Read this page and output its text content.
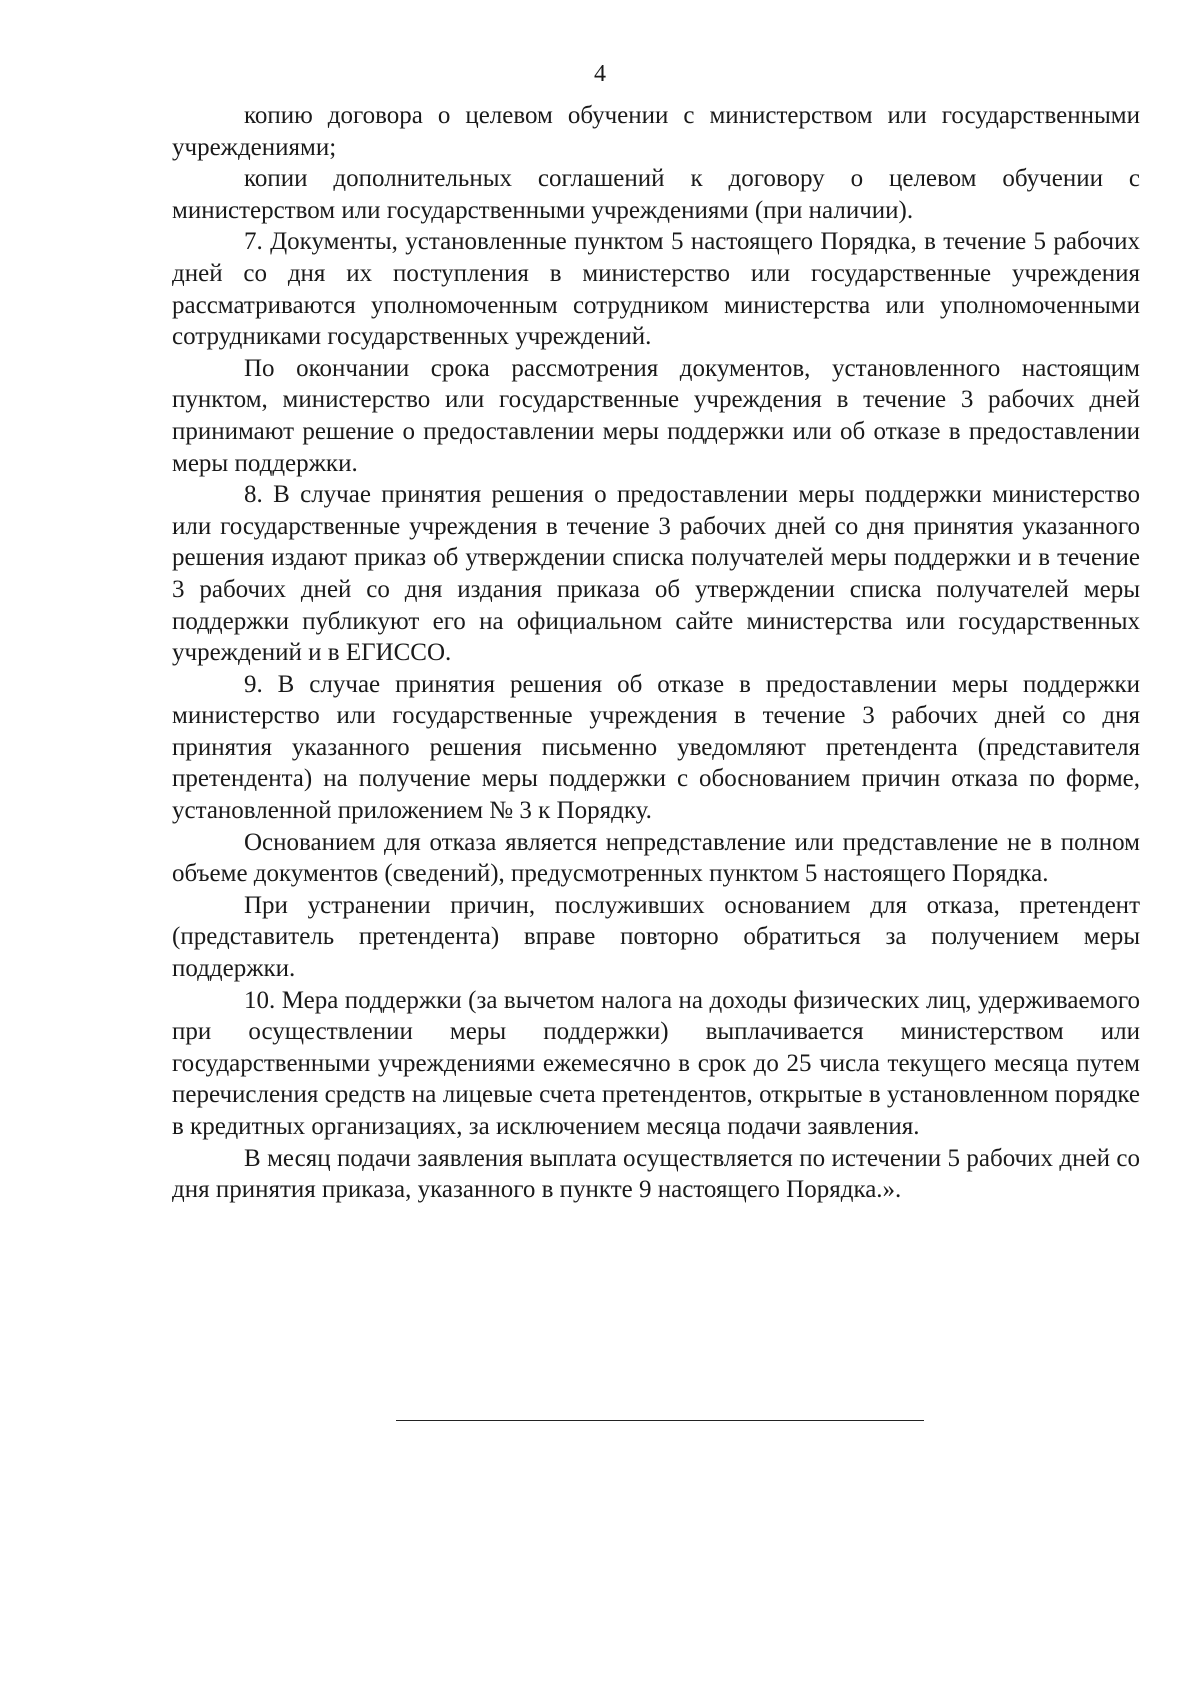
4

копию договора о целевом обучении с министерством или государственными учреждениями;

копии дополнительных соглашений к договору о целевом обучении с министерством или государственными учреждениями (при наличии).

7. Документы, установленные пунктом 5 настоящего Порядка, в течение 5 рабочих дней со дня их поступления в министерство или государственные учреждения рассматриваются уполномоченным сотрудником министерства или уполномоченными сотрудниками государственных учреждений.

По окончании срока рассмотрения документов, установленного настоящим пунктом, министерство или государственные учреждения в течение 3 рабочих дней принимают решение о предоставлении меры поддержки или об отказе в предоставлении меры поддержки.

8. В случае принятия решения о предоставлении меры поддержки министерство или государственные учреждения в течение 3 рабочих дней со дня принятия указанного решения издают приказ об утверждении списка получателей меры поддержки и в течение 3 рабочих дней со дня издания приказа об утверждении списка получателей меры поддержки публикуют его на официальном сайте министерства или государственных учреждений и в ЕГИССО.

9. В случае принятия решения об отказе в предоставлении меры поддержки министерство или государственные учреждения в течение 3 рабочих дней со дня принятия указанного решения письменно уведомляют претендента (представителя претендента) на получение меры поддержки с обоснованием причин отказа по форме, установленной приложением № 3 к Порядку.

Основанием для отказа является непредставление или представление не в полном объеме документов (сведений), предусмотренных пунктом 5 настоящего Порядка.

При устранении причин, послуживших основанием для отказа, претендент (представитель претендента) вправе повторно обратиться за получением меры поддержки.

10. Мера поддержки (за вычетом налога на доходы физических лиц, удерживаемого при осуществлении меры поддержки) выплачивается министерством или государственными учреждениями ежемесячно в срок до 25 числа текущего месяца путем перечисления средств на лицевые счета претендентов, открытые в установленном порядке в кредитных организациях, за исключением месяца подачи заявления.

В месяц подачи заявления выплата осуществляется по истечении 5 рабочих дней со дня принятия приказа, указанного в пункте 9 настоящего Порядка.».
